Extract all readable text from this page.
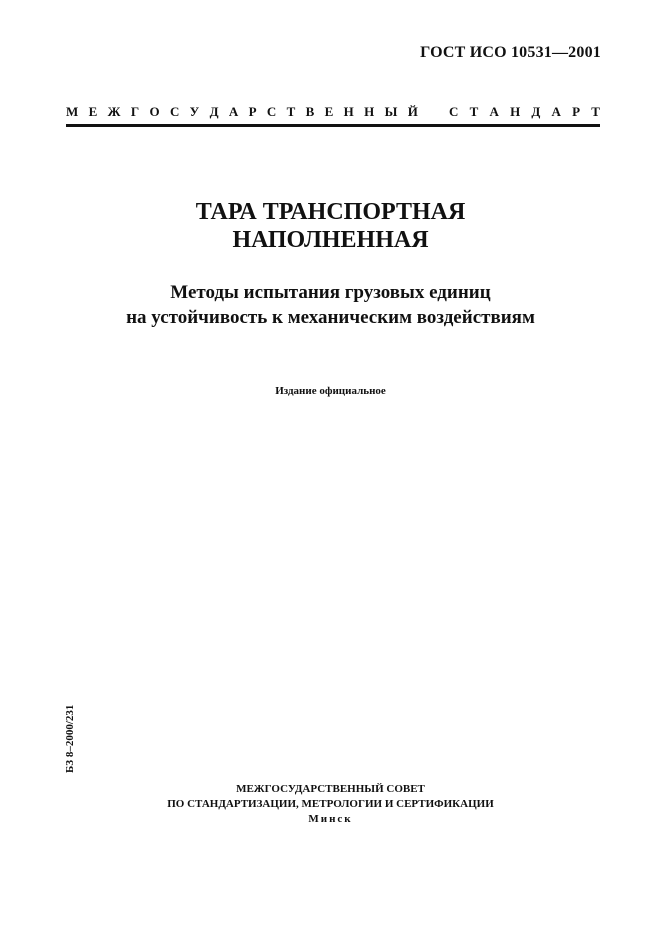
ГОСТ ИСО 10531—2001
М Е Ж Г О С У Д А Р С Т В Е Н Н Ы Й С Т А Н Д А Р Т
ТАРА ТРАНСПОРТНАЯ
НАПОЛНЕННАЯ
Методы испытания грузовых единиц
на устойчивость к механическим воздействиям
Издание официальное
БЗ 8–2000/231
МЕЖГОСУДАРСТВЕННЫЙ СОВЕТ
ПО СТАНДАРТИЗАЦИИ, МЕТРОЛОГИИ И СЕРТИФИКАЦИИ
Минск
